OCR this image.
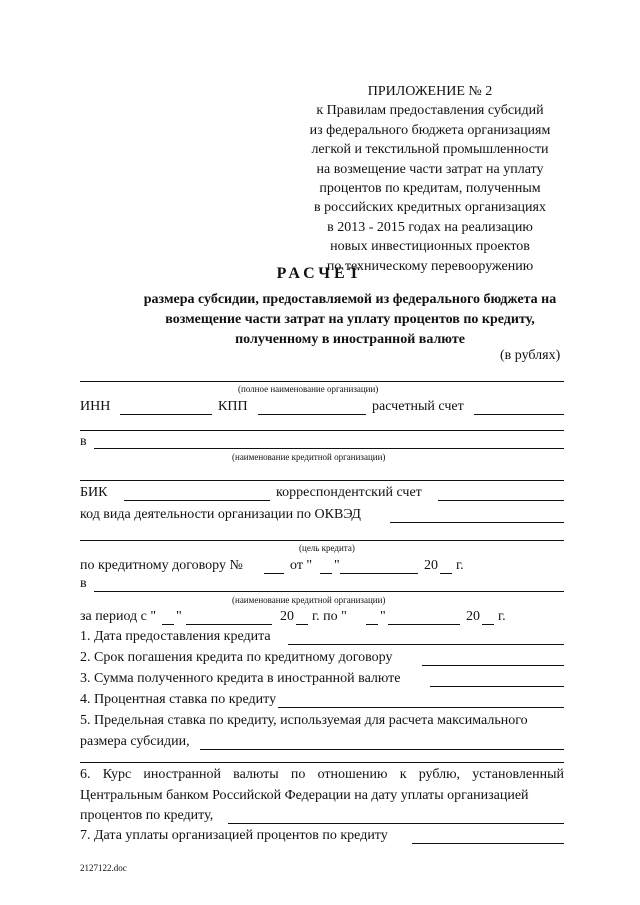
ПРИЛОЖЕНИЕ № 2
к Правилам предоставления субсидий
из федерального бюджета организациям
легкой и текстильной промышленности
на возмещение части затрат на уплату
процентов по кредитам, полученным
в российских кредитных организациях
в 2013 - 2015 годах на реализацию
новых инвестиционных проектов
по техническому перевооружению
РАСЧЕТ
размера субсидии, предоставляемой из федерального бюджета на
возмещение части затрат на уплату процентов по кредиту,
полученному в иностранной валюте
(в рублях)
(полное наименование организации)
ИНН	КПП	расчетный счет
в
(наименование кредитной организации)
БИК	корреспондентский счет
код вида деятельности организации по ОКВЭД
(цель кредита)
по кредитному договору №	от " "	20 г.
в
(наименование кредитной организации)
за период с " "	20 г. по " "	20 г.
1. Дата предоставления кредита
2. Срок погашения кредита по кредитному договору
3. Сумма полученного кредита в иностранной валюте
4. Процентная ставка по кредиту
5. Предельная ставка по кредиту, используемая для расчета максимального
размера субсидии,
6. Курс иностранной валюты по отношению к рублю, установленный
Центральным банком Российской Федерации на дату уплаты организацией
процентов по кредиту,
7. Дата уплаты организацией процентов по кредиту
2127122.doc
